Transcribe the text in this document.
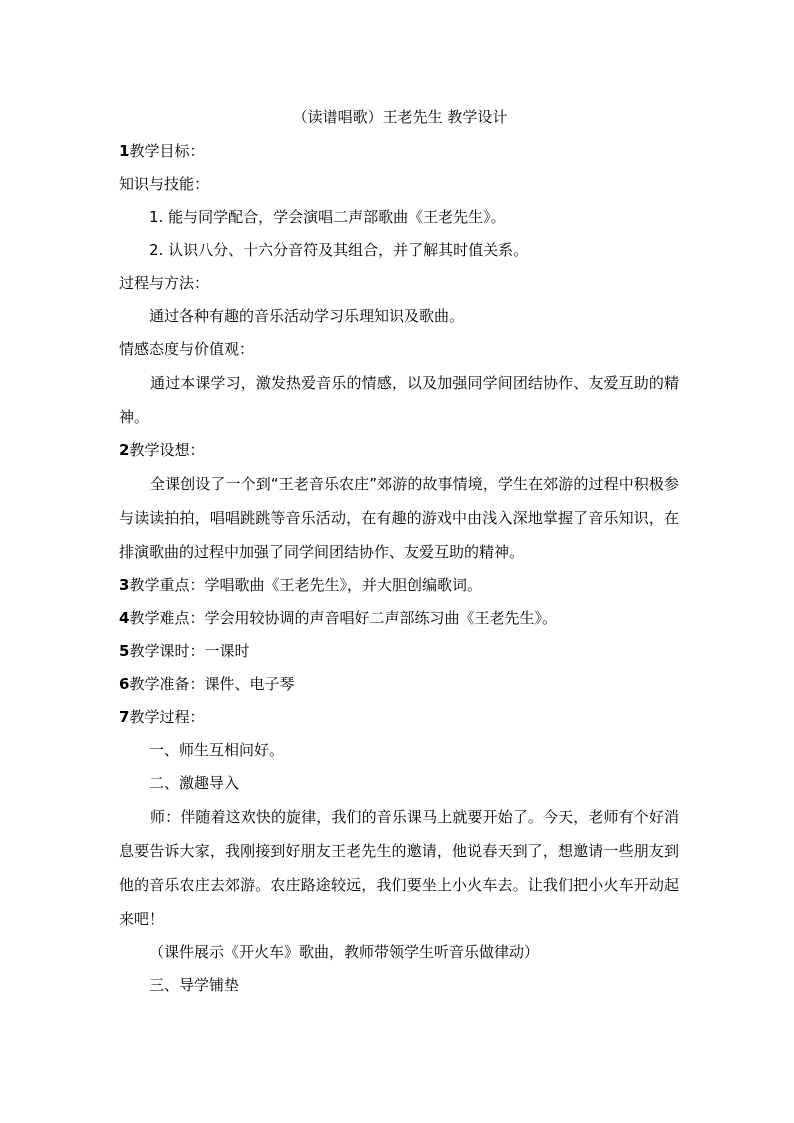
（读谱唱歌）王老先生 教学设计
1教学目标：
知识与技能：
1. 能与同学配合，学会演唱二声部歌曲《王老先生》。
2. 认识八分、十六分音符及其组合，并了解其时值关系。
过程与方法：
通过各种有趣的音乐活动学习乐理知识及歌曲。
情感态度与价值观：
通过本课学习，激发热爱音乐的情感，以及加强同学间团结协作、友爱互助的精神。
2教学设想：
全课创设了一个到“王老音乐农庄”郊游的故事情境，学生在郊游的过程中积极参与读读拍拍，唱唱跳跳等音乐活动，在有趣的游戏中由浅入深地掌握了音乐知识，在排演歌曲的过程中加强了同学间团结协作、友爱互助的精神。
3教学重点：学唱歌曲《王老先生》，并大胆创编歌词。
4教学难点：学会用较协调的声音唱好二声部练习曲《王老先生》。
5教学课时：一课时
6教学准备：课件、电子琴
7教学过程：
一、师生互相问好。
二、激趣导入
师：伴随着这欢快的旋律，我们的音乐课马上就要开始了。今天，老师有个好消息要告诉大家，我刚接到好朋友王老先生的邀请，他说春天到了，想邀请一些朋友到他的音乐农庄去郊游。农庄路途较远，我们要坐上小火车去。让我们把小火车开动起来吧！
（课件展示《开火车》歌曲，教师带领学生听音乐做律动）
三、导学铺垫
